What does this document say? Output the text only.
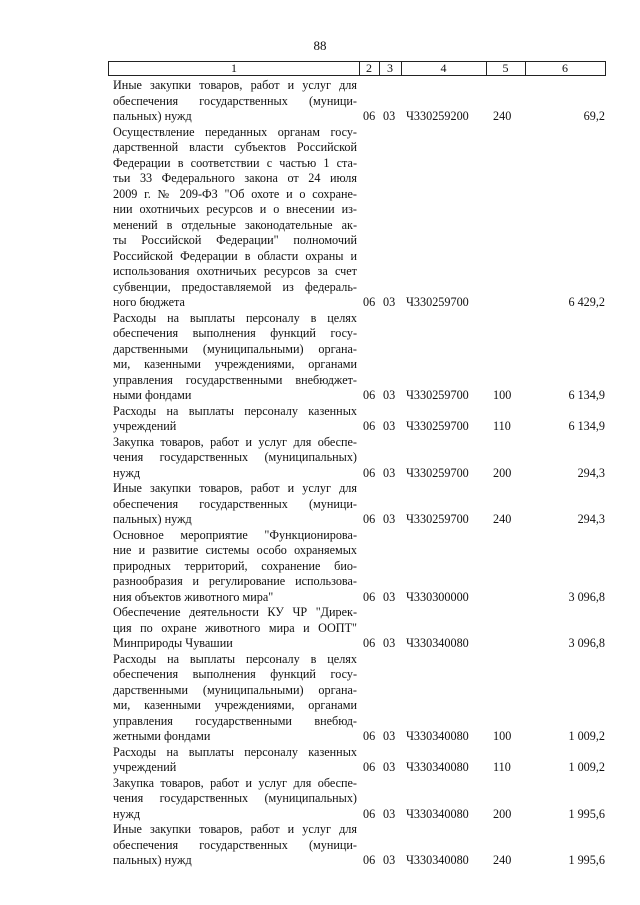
88
1	2	3	4	5	6
Иные закупки товаров, работ и услуг для
обеспечения государственных (муници-
пальных) нужд	06 03 Ч330259200 240	69,2
Осуществление переданных органам госу-
дарственной власти субъектов Российской
Федерации в соответствии с частью 1 ста-
тьи 33 Федерального закона от 24 июля
2009 г. № 209-ФЗ "Об охоте и о сохране-
нии охотничьих ресурсов и о внесении из-
менений в отдельные законодательные ак-
ты Российской Федерации" полномочий
Российской Федерации в области охраны и
использования охотничьих ресурсов за счет
субвенции, предоставляемой из федераль-
ного бюджета	06 03 Ч330259700	6 429,2
Расходы на выплаты персоналу в целях
обеспечения выполнения функций госу-
дарственными (муниципальными) органа-
ми, казенными учреждениями, органами
управления государственными внебюджет-
ными фондами	06 03 Ч330259700 100	6 134,9
Расходы на выплаты персоналу казенных
учреждений	06 03 Ч330259700 110	6 134,9
Закупка товаров, работ и услуг для обеспе-
чения государственных (муниципальных)
нужд	06 03 Ч330259700 200	294,3
Иные закупки товаров, работ и услуг для
обеспечения государственных (муници-
пальных) нужд	06 03 Ч330259700 240	294,3
Основное мероприятие "Функционирова-
ние и развитие системы особо охраняемых
природных территорий, сохранение био-
разнообразия и регулирование использова-
ния объектов животного мира"	06 03 Ч330300000	3 096,8
Обеспечение деятельности КУ ЧР "Дирек-
ция по охране животного мира и ООПТ"
Минприроды Чувашии	06 03 Ч330340080	3 096,8
Расходы на выплаты персоналу в целях
обеспечения выполнения функций госу-
дарственными (муниципальными) органа-
ми, казенными учреждениями, органами
управления государственными внебюд-
жетными фондами	06 03 Ч330340080 100	1 009,2
Расходы на выплаты персоналу казенных
учреждений	06 03 Ч330340080 110	1 009,2
Закупка товаров, работ и услуг для обеспе-
чения государственных (муниципальных)
нужд	06 03 Ч330340080 200	1 995,6
Иные закупки товаров, работ и услуг для
обеспечения государственных (муници-
пальных) нужд	06 03 Ч330340080 240	1 995,6
